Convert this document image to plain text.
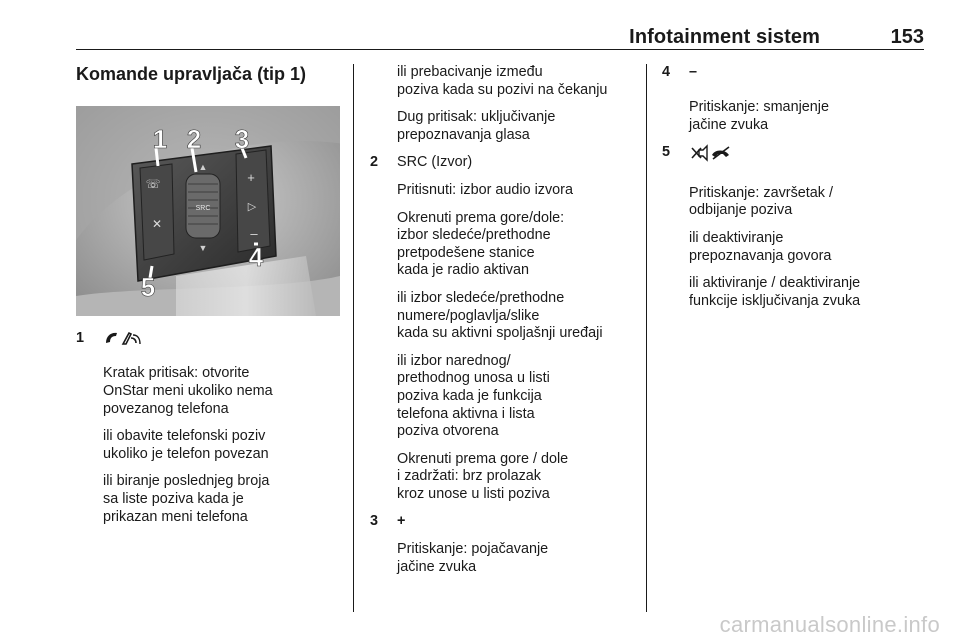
Infotainment sistem	153
Komande upravljača (tip 1)
SRC
▲
▼
☏
✕
+
▷
–
1 2 3
4
5
1

Kratak pritisak: otvorite
OnStar meni ukoliko nema
povezanog telefona

ili obavite telefonski poziv
ukoliko je telefon povezan

ili biranje poslednjeg broja
sa liste poziva kada je
prikazan meni telefona

ili prebacivanje između
poziva kada su pozivi na čekanju

Dug pritisak: uključivanje
prepoznavanja glasa

2 SRC (Izvor)

Pritisnuti: izbor audio izvora

Okrenuti prema gore/dole:
izbor sledeće/prethodne
pretpodešene stanice
kada je radio aktivan

ili izbor sledeće/prethodne
numere/poglavlja/slike
kada su aktivni spoljašnji uređaji

ili izbor narednog/
prethodnog unosa u listi
poziva kada je funkcija
telefona aktivna i lista
poziva otvorena

Okrenuti prema gore / dole
i zadržati: brz prolazak
kroz unose u listi poziva

3 +

Pritiskanje: pojačavanje
jačine zvuka

4 –

Pritiskanje: smanjenje
jačine zvuka

5

Pritiskanje: završetak /
odbijanje poziva

ili deaktiviranje
prepoznavanja govora

ili aktiviranje / deaktiviranje
funkcije isključivanja zvuka

carmanualsonline.info
